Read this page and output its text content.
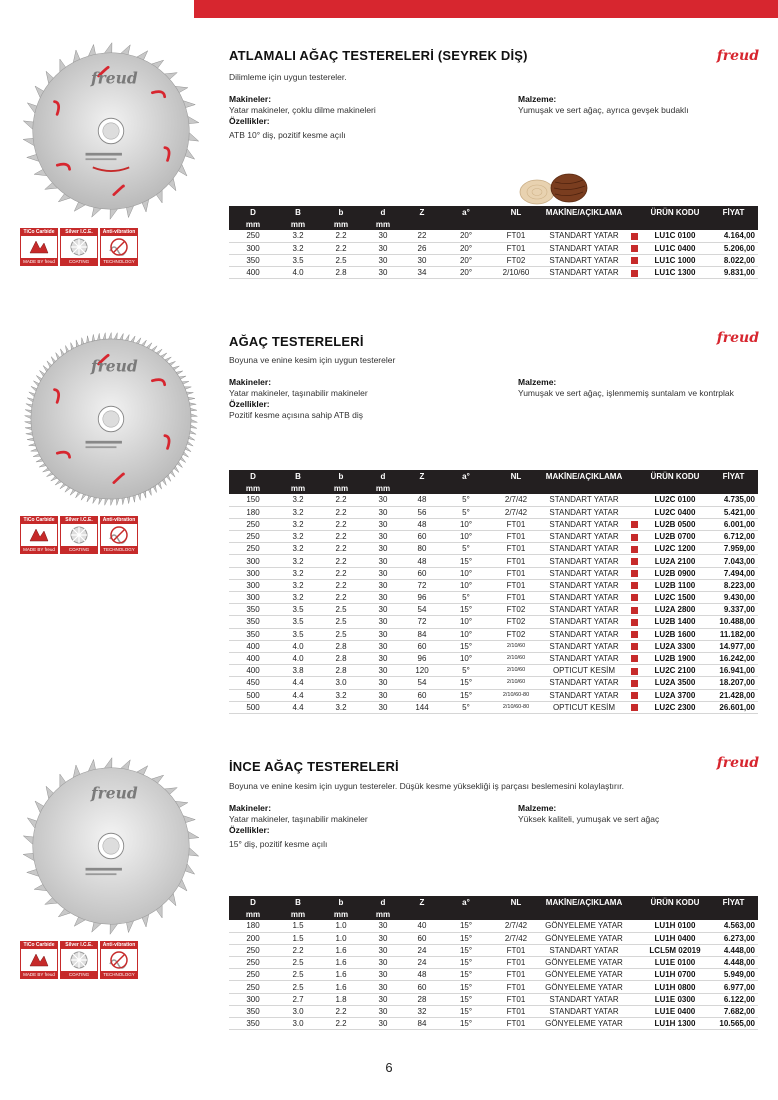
freud
TiCo Carbide
MADE BY freud
Silver I.C.E.
COATING
Anti-vibration
TECHNOLOGY
ATLAMALI AĞAÇ TESTERELERİ (SEYREK DİŞ)	freud
Dilimleme için uygun testereler.
Makineler:
Yatar makineler, çoklu dilme makineleri
Özellikler:
ATB 10° diş, pozitif kesme açılı
Malzeme:
Yumuşak ve sert ağaç, ayrıca gevşek budaklı
D	B	b	d	Z	a°	NL	MAKİNE/AÇIKLAMA		ÜRÜN KODU	FİYAT
mm	mm	mm	mm							
250	3.2	2.2	30	22	20°	FT01	STANDART YATAR		LU1C 0100	4.164,00
300	3.2	2.2	30	26	20°	FT01	STANDART YATAR		LU1C 0400	5.206,00
350	3.5	2.5	30	30	20°	FT02	STANDART YATAR		LU1C 1000	8.022,00
400	4.0	2.8	30	34	20°	2/10/60	STANDART YATAR		LU1C 1300	9.831,00
freud
TiCo Carbide
MADE BY freud
Silver I.C.E.
COATING
Anti-vibration
TECHNOLOGY
AĞAÇ TESTERELERİ	freud
Boyuna ve enine kesim için uygun testereler
Makineler:
Yatar makineler, taşınabilir makineler
Özellikler:
Pozitif kesme açısına sahip ATB diş
Malzeme:
Yumuşak ve sert ağaç, işlenmemiş suntalam ve kontrplak
D	B	b	d	Z	a°	NL	MAKİNE/AÇIKLAMA		ÜRÜN KODU	FİYAT
mm	mm	mm	mm							
150	3.2	2.2	30	48	5°	2/7/42	STANDART YATAR		LU2C 0100	4.735,00
180	3.2	2.2	30	56	5°	2/7/42	STANDART YATAR		LU2C 0400	5.421,00
250	3.2	2.2	30	48	10°	FT01	STANDART YATAR		LU2B 0500	6.001,00
250	3.2	2.2	30	60	10°	FT01	STANDART YATAR		LU2B 0700	6.712,00
250	3.2	2.2	30	80	5°	FT01	STANDART YATAR		LU2C 1200	7.959,00
300	3.2	2.2	30	48	15°	FT01	STANDART YATAR		LU2A 2100	7.043,00
300	3.2	2.2	30	60	10°	FT01	STANDART YATAR		LU2B 0900	7.494,00
300	3.2	2.2	30	72	10°	FT01	STANDART YATAR		LU2B 1100	8.223,00
300	3.2	2.2	30	96	5°	FT01	STANDART YATAR		LU2C 1500	9.430,00
350	3.5	2.5	30	54	15°	FT02	STANDART YATAR		LU2A 2800	9.337,00
350	3.5	2.5	30	72	10°	FT02	STANDART YATAR		LU2B 1400	10.488,00
350	3.5	2.5	30	84	10°	FT02	STANDART YATAR		LU2B 1600	11.182,00
400	4.0	2.8	30	60	15°	2/10/60	STANDART YATAR		LU2A 3300	14.977,00
400	4.0	2.8	30	96	10°	2/10/60	STANDART YATAR		LU2B 1900	16.242,00
400	3.8	2.8	30	120	5°	2/10/60	OPTICUT KESİM		LU2C 2100	16.941,00
450	4.4	3.0	30	54	15°	2/10/60	STANDART YATAR		LU2A 3500	18.207,00
500	4.4	3.2	30	60	15°	2/10/60-80	STANDART YATAR		LU2A 3700	21.428,00
500	4.4	3.2	30	144	5°	2/10/60-80	OPTICUT KESİM		LU2C 2300	26.601,00
freud
TiCo Carbide
MADE BY freud
Silver I.C.E.
COATING
Anti-vibration
TECHNOLOGY
İNCE AĞAÇ TESTERELERİ	freud
Boyuna ve enine kesim için uygun testereler. Düşük kesme yüksekliği iş parçası beslemesini kolaylaştırır.
Makineler:
Yatar makineler, taşınabilir makineler
Özellikler:
15° diş, pozitif kesme açılı
Malzeme:
Yüksek kaliteli, yumuşak ve sert ağaç
D	B	b	d	Z	a°	NL	MAKİNE/AÇIKLAMA		ÜRÜN KODU	FİYAT
mm	mm	mm	mm							
180	1.5	1.0	30	40	15°	2/7/42	GÖNYELEME YATAR		LU1H 0100	4.563,00
200	1.5	1.0	30	60	15°	2/7/42	GÖNYELEME YATAR		LU1H 0400	6.273,00
250	2.2	1.6	30	24	15°	FT01	STANDART YATAR		LCL5M 02019	4.448,00
250	2.5	1.6	30	24	15°	FT01	GÖNYELEME YATAR		LU1E 0100	4.448,00
250	2.5	1.6	30	48	15°	FT01	GÖNYELEME YATAR		LU1H 0700	5.949,00
250	2.5	1.6	30	60	15°	FT01	GÖNYELEME YATAR		LU1H 0800	6.977,00
300	2.7	1.8	30	28	15°	FT01	STANDART YATAR		LU1E 0300	6.122,00
350	3.0	2.2	30	32	15°	FT01	STANDART YATAR		LU1E 0400	7.682,00
350	3.0	2.2	30	84	15°	FT01	GÖNYELEME YATAR		LU1H 1300	10.565,00
6
